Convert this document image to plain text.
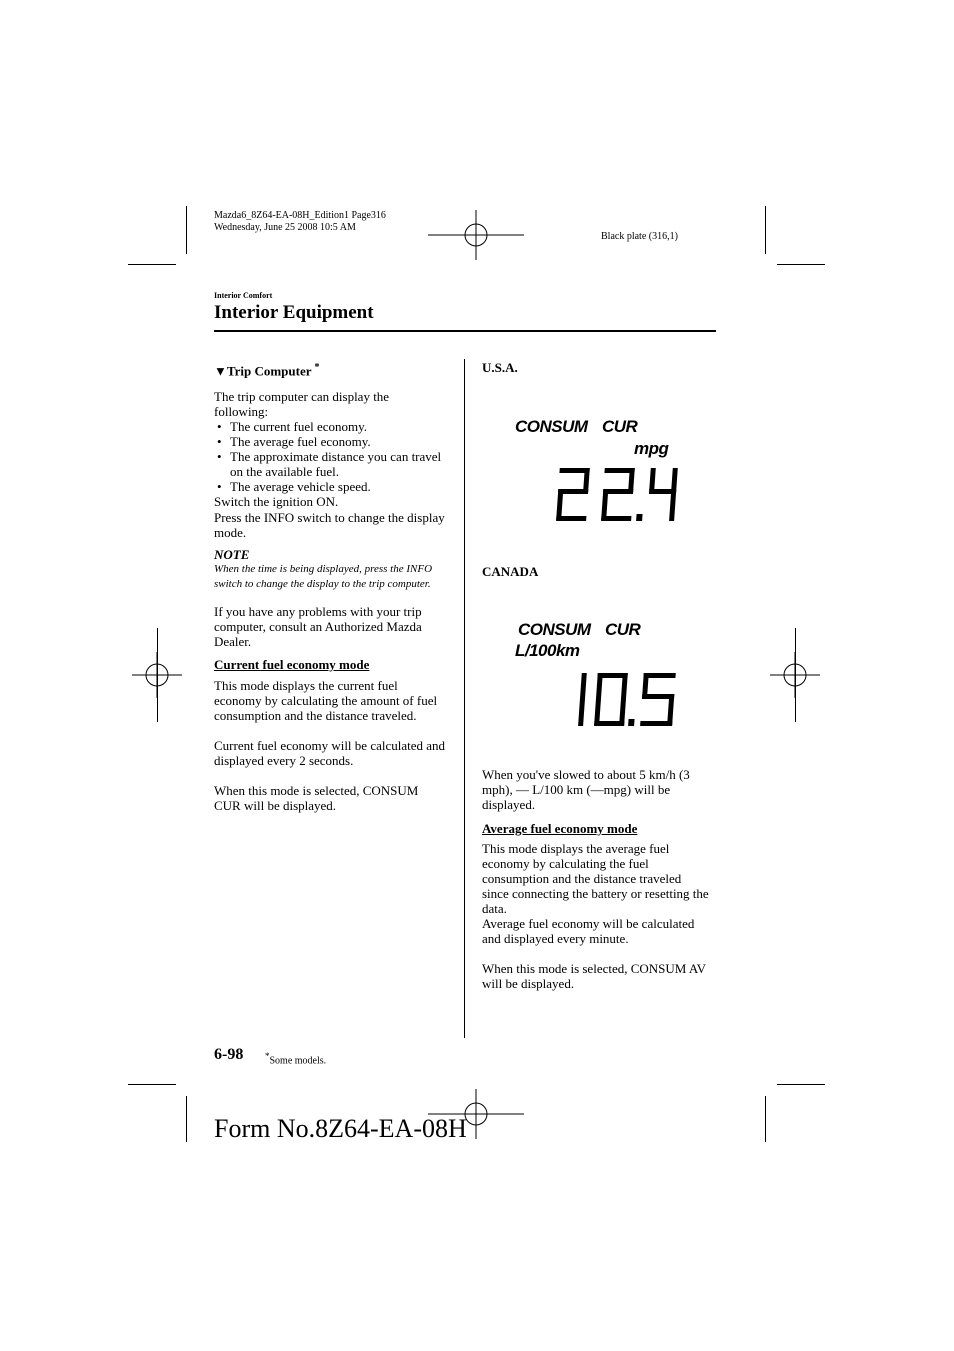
Mazda6_8Z64-EA-08H_Edition1 Page316
Wednesday, June 25 2008 10:5 AM
Black plate (316,1)
Interior Comfort
Interior Equipment
▼Trip Computer *

The trip computer can display the following:

• The current fuel economy.
• The average fuel economy.
• The approximate distance you can travel on the available fuel.
• The average vehicle speed.

Switch the ignition ON.

Press the INFO switch to change the display mode.

NOTE

When the time is being displayed, press the INFO switch to change the display to the trip computer.

If you have any problems with your trip computer, consult an Authorized Mazda Dealer.

Current fuel economy mode

This mode displays the current fuel economy by calculating the amount of fuel consumption and the distance traveled.

Current fuel economy will be calculated and displayed every 2 seconds.

When this mode is selected, CONSUM CUR will be displayed.

U.S.A.
CONSUM CUR
mpg
CANADA
CONSUM CUR
L/100km

When you've slowed to about 5 km/h (3 mph), — L/100 km (—mpg) will be displayed.

Average fuel economy mode

This mode displays the average fuel economy by calculating the fuel consumption and the distance traveled since connecting the battery or resetting the data.

Average fuel economy will be calculated and displayed every minute.

When this mode is selected, CONSUM AV will be displayed.

6-98 *Some models.
Form No.8Z64-EA-08H
